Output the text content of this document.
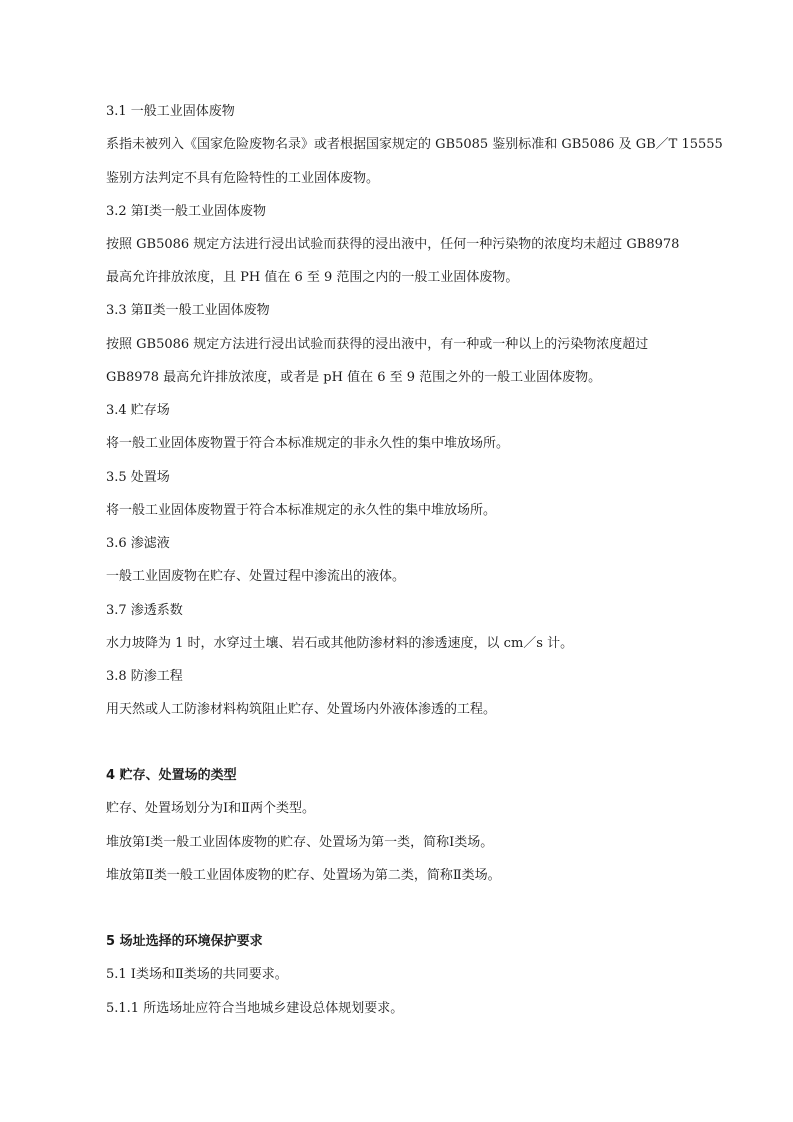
3.1 一般工业固体废物
系指未被列入《国家危险废物名录》或者根据国家规定的 GB5085 鉴别标准和 GB5086 及 GB／T 15555
鉴别方法判定不具有危险特性的工业固体废物。
3.2 第Ⅰ类一般工业固体废物
按照 GB5086 规定方法进行浸出试验而获得的浸出液中，任何一种污染物的浓度均未超过 GB8978
最高允许排放浓度，且 PH 值在 6 至 9 范围之内的一般工业固体废物。
3.3 第Ⅱ类一般工业固体废物
按照 GB5086 规定方法进行浸出试验而获得的浸出液中，有一种或一种以上的污染物浓度超过
GB8978 最高允许排放浓度，或者是 pH 值在 6 至 9 范围之外的一般工业固体废物。
3.4 贮存场
将一般工业固体废物置于符合本标准规定的非永久性的集中堆放场所。
3.5 处置场
将一般工业固体废物置于符合本标准规定的永久性的集中堆放场所。
3.6 渗滤液
一般工业固废物在贮存、处置过程中渗流出的液体。
3.7 渗透系数
水力坡降为 1 时，水穿过土壤、岩石或其他防渗材料的渗透速度，以 cm／s 计。
3.8 防渗工程
用天然或人工防渗材料构筑阻止贮存、处置场内外液体渗透的工程。
4 贮存、处置场的类型
贮存、处置场划分为Ⅰ和Ⅱ两个类型。
堆放第Ⅰ类一般工业固体废物的贮存、处置场为第一类，简称Ⅰ类场。
堆放第Ⅱ类一般工业固体废物的贮存、处置场为第二类，简称Ⅱ类场。
5 场址选择的环境保护要求
5.1 Ⅰ类场和Ⅱ类场的共同要求。
5.1.1 所选场址应符合当地城乡建设总体规划要求。
